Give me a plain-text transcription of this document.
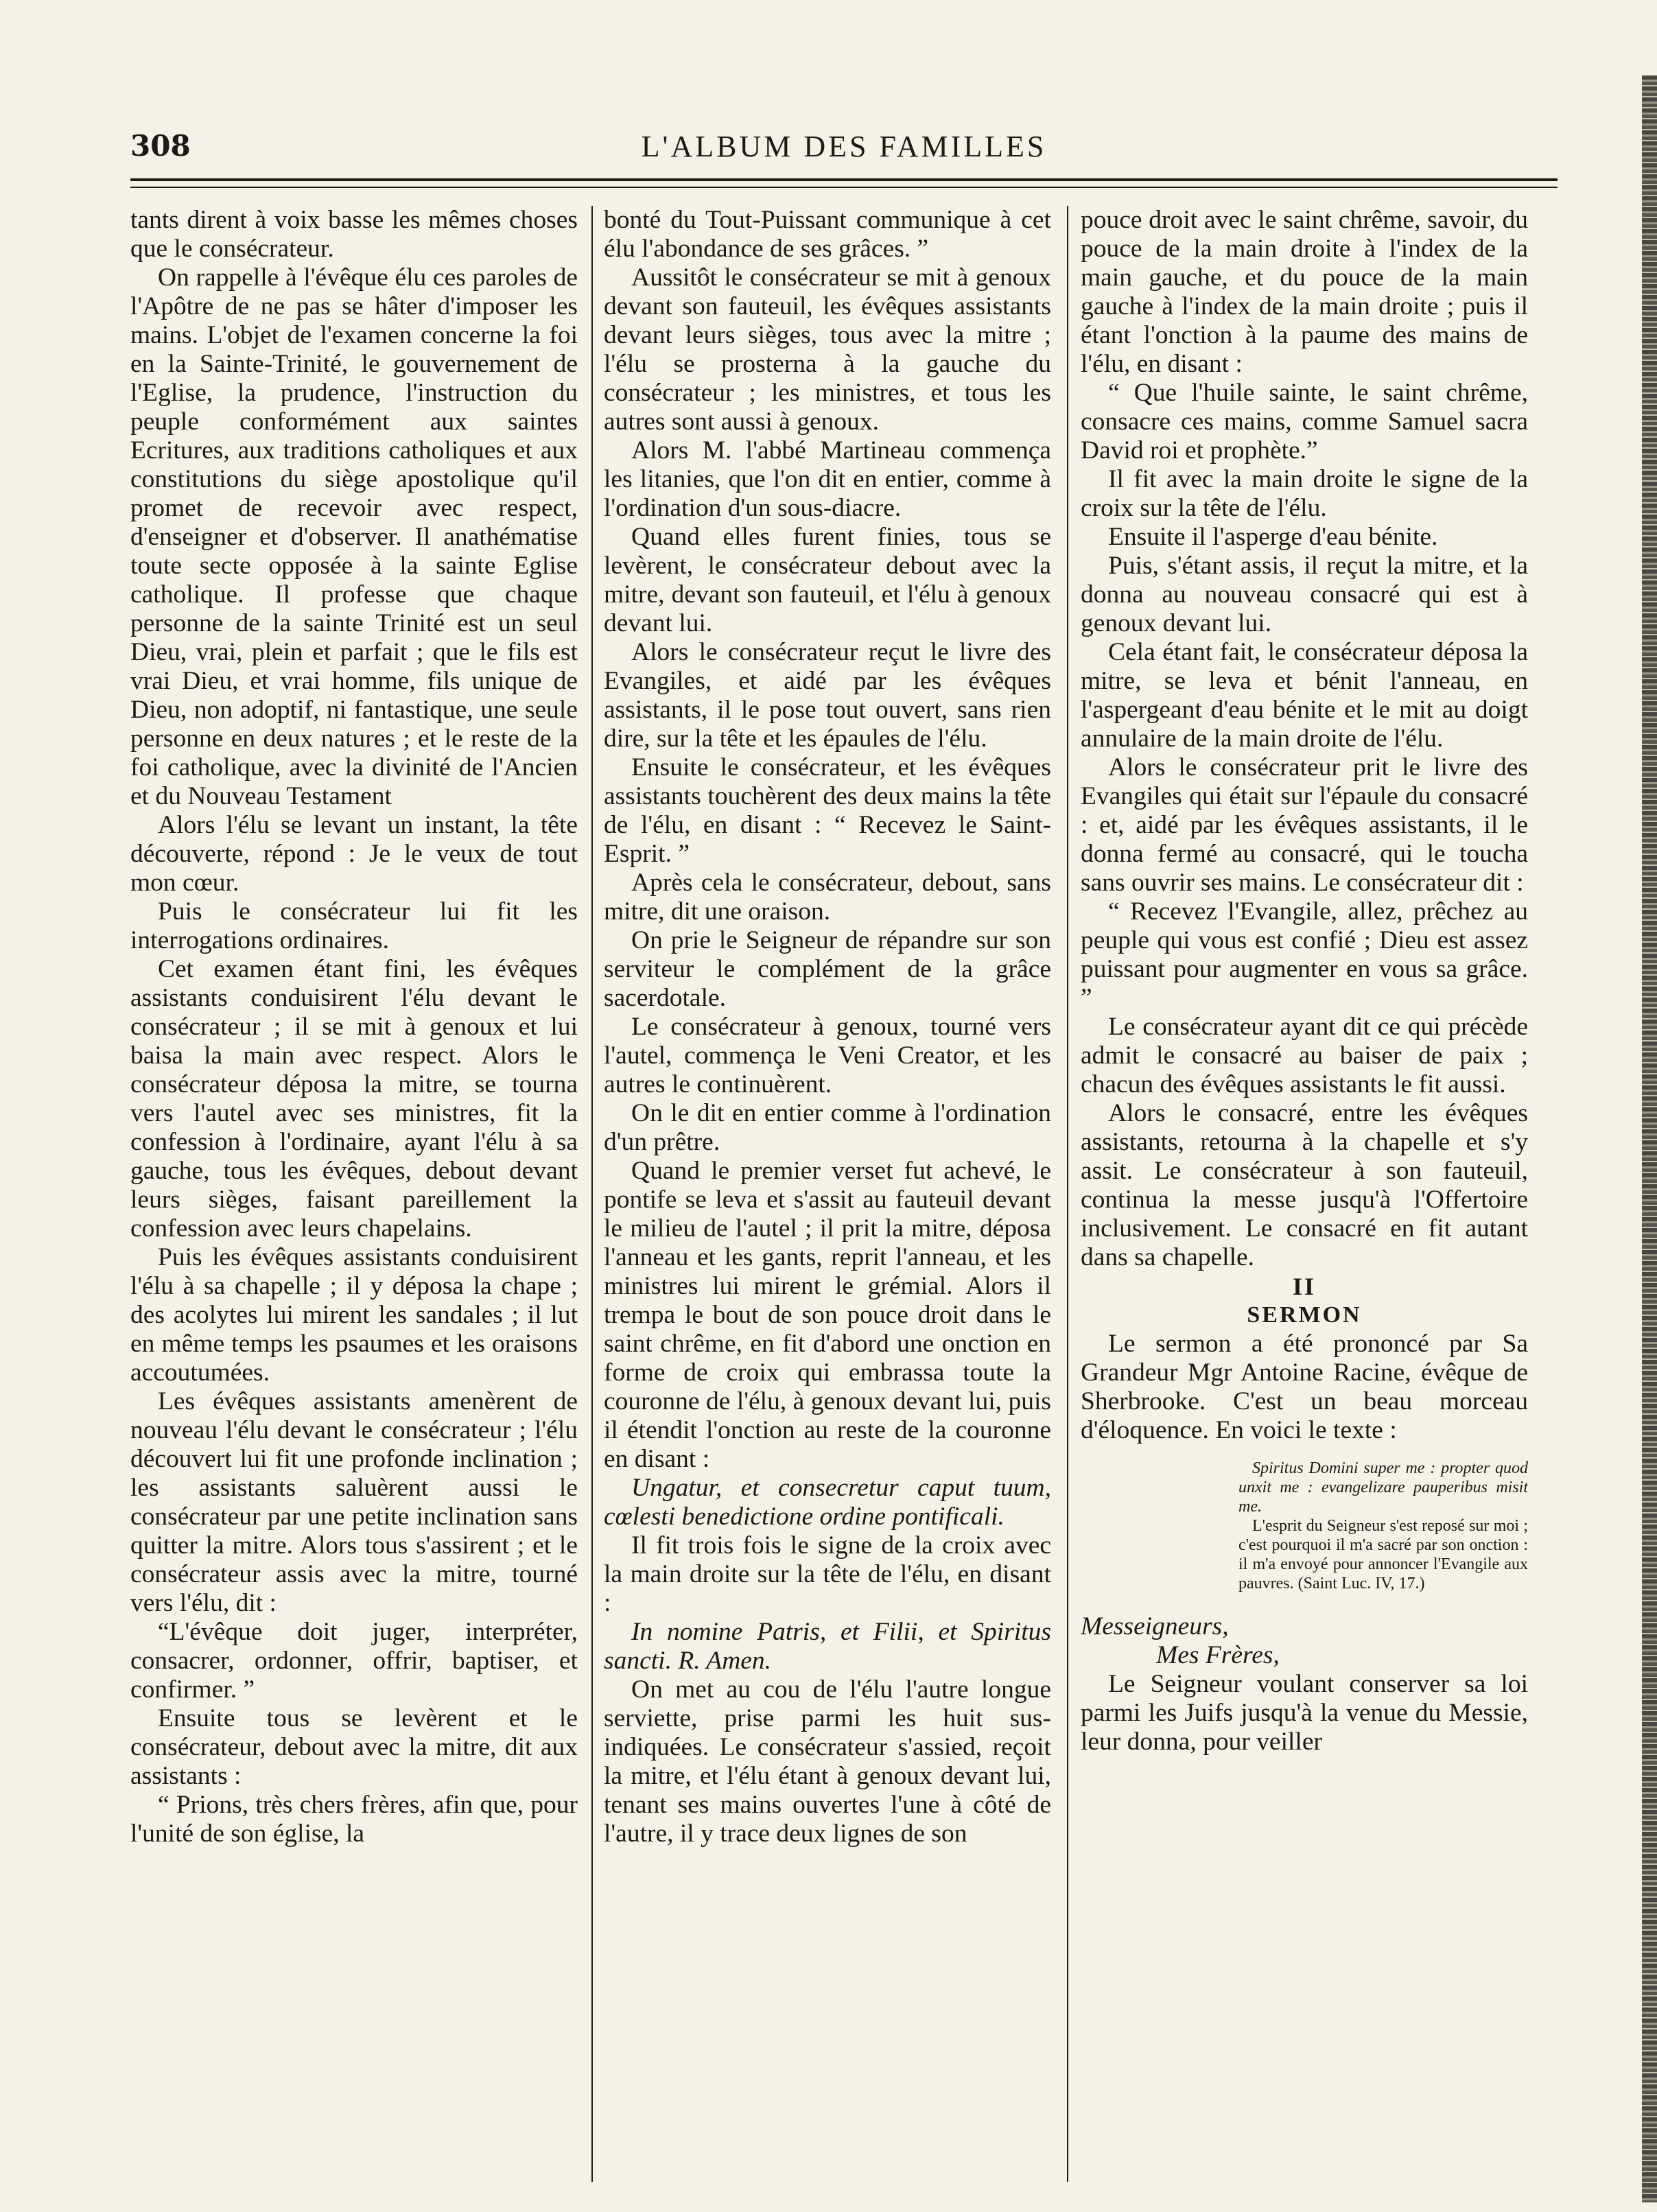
L'ALBUM DES FAMILLES
308

tants dirent à voix basse les mêmes choses que le consécrateur.

On rappelle à l'évêque élu ces paroles de l'Apôtre de ne pas se hâter d'imposer les mains. L'objet de l'examen concerne la foi en la Sainte-Trinité, le gouvernement de l'Eglise, la prudence, l'instruction du peuple conformément aux saintes Ecritures, aux traditions catholiques et aux constitutions du siège apostolique qu'il promet de recevoir avec respect, d'enseigner et d'observer. Il anathématise toute secte opposée à la sainte Eglise catholique. Il professe que chaque personne de la sainte Trinité est un seul Dieu, vrai, plein et parfait ; que le fils est vrai Dieu, et vrai homme, fils unique de Dieu, non adoptif, ni fantastique, une seule personne en deux natures ; et le reste de la foi catholique, avec la divinité de l'Ancien et du Nouveau Testament

Alors l'élu se levant un instant, la tête découverte, répond : Je le veux de tout mon cœur.

Puis le consécrateur lui fit les interrogations ordinaires.

Cet examen étant fini, les évêques assistants conduisirent l'élu devant le consécrateur ; il se mit à genoux et lui baisa la main avec respect. Alors le consécrateur déposa la mitre, se tourna vers l'autel avec ses ministres, fit la confession à l'ordinaire, ayant l'élu à sa gauche, tous les évêques, debout devant leurs sièges, faisant pareillement la confession avec leurs chapelains.

Puis les évêques assistants conduisirent l'élu à sa chapelle ; il y déposa la chape ; des acolytes lui mirent les sandales ; il lut en même temps les psaumes et les oraisons accoutumées.

Les évêques assistants amenèrent de nouveau l'élu devant le consécrateur ; l'élu découvert lui fit une profonde inclination ; les assistants saluèrent aussi le consécrateur par une petite inclination sans quitter la mitre. Alors tous s'assirent ; et le consécrateur assis avec la mitre, tourné vers l'élu, dit :

“L'évêque doit juger, interpréter, consacrer, ordonner, offrir, baptiser, et confirmer. ”

Ensuite tous se levèrent et le consécrateur, debout avec la mitre, dit aux assistants :

“ Prions, très chers frères, afin que, pour l'unité de son église, la

bonté du Tout-Puissant communique à cet élu l'abondance de ses grâces. ”

Aussitôt le consécrateur se mit à genoux devant son fauteuil, les évêques assistants devant leurs sièges, tous avec la mitre ; l'élu se prosterna à la gauche du consécrateur ; les ministres, et tous les autres sont aussi à genoux.

Alors M. l'abbé Martineau commença les litanies, que l'on dit en entier, comme à l'ordination d'un sous-diacre.

Quand elles furent finies, tous se levèrent, le consécrateur debout avec la mitre, devant son fauteuil, et l'élu à genoux devant lui.

Alors le consécrateur reçut le livre des Evangiles, et aidé par les évêques assistants, il le pose tout ouvert, sans rien dire, sur la tête et les épaules de l'élu.

Ensuite le consécrateur, et les évêques assistants touchèrent des deux mains la tête de l'élu, en disant : “ Recevez le Saint-Esprit. ”

Après cela le consécrateur, debout, sans mitre, dit une oraison.

On prie le Seigneur de répandre sur son serviteur le complément de la grâce sacerdotale.

Le consécrateur à genoux, tourné vers l'autel, commença le Veni Creator, et les autres le continuèrent.

On le dit en entier comme à l'ordination d'un prêtre.

Quand le premier verset fut achevé, le pontife se leva et s'assit au fauteuil devant le milieu de l'autel ; il prit la mitre, déposa l'anneau et les gants, reprit l'anneau, et les ministres lui mirent le grémial. Alors il trempa le bout de son pouce droit dans le saint chrême, en fit d'abord une onction en forme de croix qui embrassa toute la couronne de l'élu, à genoux devant lui, puis il étendit l'onction au reste de la couronne en disant :

Ungatur, et consecretur caput tuum, cœlesti benedictione ordine pontificali.

Il fit trois fois le signe de la croix avec la main droite sur la tête de l'élu, en disant :

In nomine Patris, et Filii, et Spiritus sancti. R. Amen.

On met au cou de l'élu l'autre longue serviette, prise parmi les huit sus-indiquées. Le consécrateur s'assied, reçoit la mitre, et l'élu étant à genoux devant lui, tenant ses mains ouvertes l'une à côté de l'autre, il y trace deux lignes de son

pouce droit avec le saint chrême, savoir, du pouce de la main droite à l'index de la main gauche, et du pouce de la main gauche à l'index de la main droite ; puis il étant l'onction à la paume des mains de l'élu, en disant :

“ Que l'huile sainte, le saint chrême, consacre ces mains, comme Samuel sacra David roi et prophète.”

Il fit avec la main droite le signe de la croix sur la tête de l'élu.

Ensuite il l'asperge d'eau bénite.

Puis, s'étant assis, il reçut la mitre, et la donna au nouveau consacré qui est à genoux devant lui.

Cela étant fait, le consécrateur déposa la mitre, se leva et bénit l'anneau, en l'aspergeant d'eau bénite et le mit au doigt annulaire de la main droite de l'élu.

Alors le consécrateur prit le livre des Evangiles qui était sur l'épaule du consacré : et, aidé par les évêques assistants, il le donna fermé au consacré, qui le toucha sans ouvrir ses mains. Le consécrateur dit :

“ Recevez l'Evangile, allez, prêchez au peuple qui vous est confié ; Dieu est assez puissant pour augmenter en vous sa grâce. ”

Le consécrateur ayant dit ce qui précède admit le consacré au baiser de paix ; chacun des évêques assistants le fit aussi.

Alors le consacré, entre les évêques assistants, retourna à la chapelle et s'y assit. Le consécrateur à son fauteuil, continua la messe jusqu'à l'Offertoire inclusivement. Le consacré en fit autant dans sa chapelle.

II

SERMON

Le sermon a été prononcé par Sa Grandeur Mgr Antoine Racine, évêque de Sherbrooke. C'est un beau morceau d'éloquence. En voici le texte :

Spiritus Domini super me : propter quod unxit me : evangelizare pauperibus misit me.

L'esprit du Seigneur s'est reposé sur moi ; c'est pourquoi il m'a sacré par son onction : il m'a envoyé pour annoncer l'Evangile aux pauvres. (Saint Luc. IV, 17.)

Messeigneurs,

Mes Frères,

Le Seigneur voulant conserver sa loi parmi les Juifs jusqu'à la venue du Messie, leur donna, pour veiller
